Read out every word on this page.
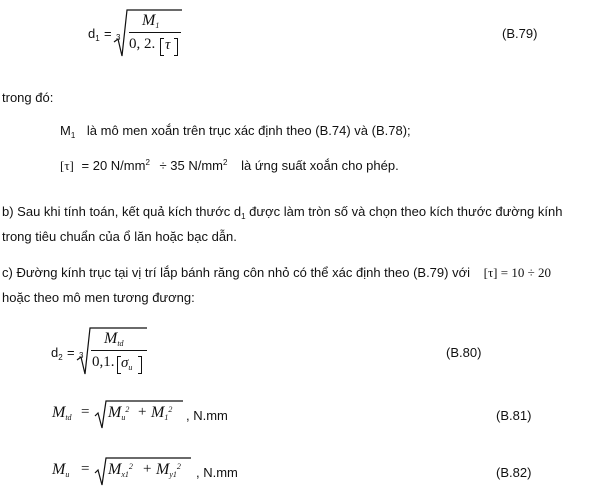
$d_1 = 3$
M1
0, 2. τ
(B.79)
trong đó:
$M_1$ là mô men xoắn trên trục xác định theo (B.74) và (B.78);
[τ] = 20 $N/mm^2 \div 35$ $N/mm^2$ là ứng suất xoắn cho phép.
b) Sau khi tính toán, kết quả kích thước $d_1$ được làm tròn số và chọn theo kích thước đường kính
trong tiêu chuẩn của ổ lăn hoặc bạc dẫn.
c) Đường kính trục tại vị trí lắp bánh răng côn nhỏ có thể xác định theo (B.79) với [τ] = 10 ÷ 20
hoặc theo mô men tương đương:
$d_2 = 3$
Mtd
0,1. $\sigma_u$
(B.80)
Mtd = $Mu^2 + M1^2$ , N.mm	(B.81)
$Mu = Mx1^2 + My1^2$ , N.mm	(B.82)
